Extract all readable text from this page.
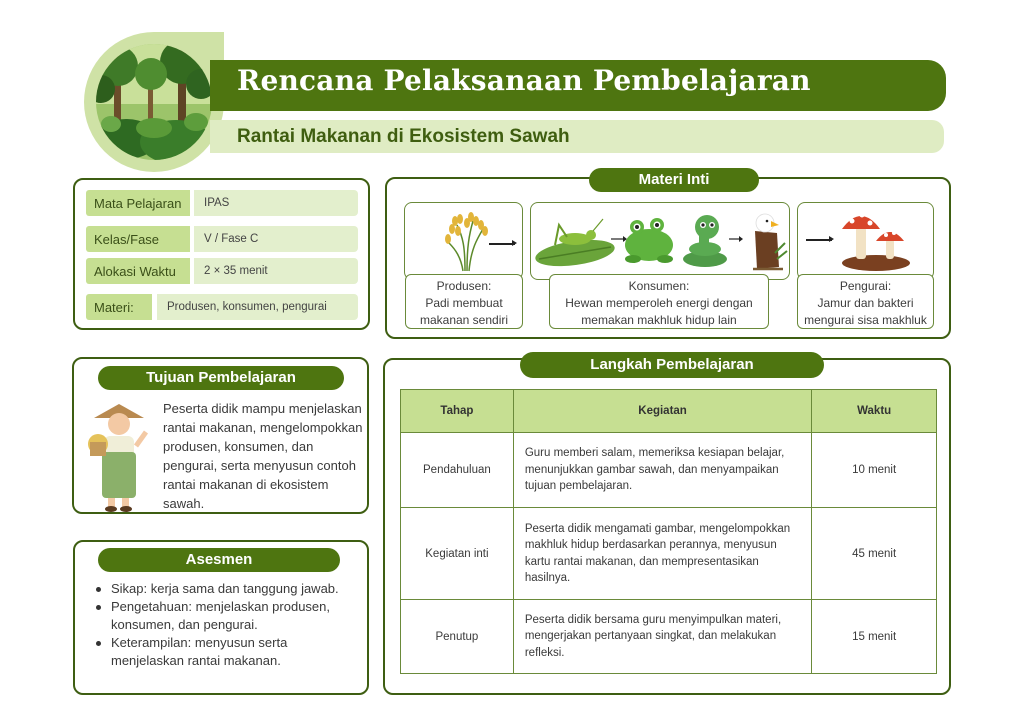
Rencana Pelaksanaan Pembelajaran
Rantai Makanan di Ekosistem Sawah
Mata Pelajaran	IPAS
Kelas/Fase	V / Fase C
Alokasi Waktu	2 × 35 menit
Materi:	Produsen, konsumen, pengurai
Materi Inti
Produsen:
Padi membuat makanan sendiri
Konsumen:
Hewan memperoleh energi dengan memakan makhluk hidup lain
Pengurai:
Jamur dan bakteri mengurai sisa makhluk
Tujuan Pembelajaran
Peserta didik mampu menjelaskan rantai makanan, mengelompokkan produsen, konsumen, dan pengurai, serta menyusun contoh rantai makanan di ekosistem sawah.
Asesmen
Sikap: kerja sama dan tanggung jawab.
Pengetahuan: menjelaskan produsen, konsumen, dan pengurai.
Keterampilan: menyusun serta menjelaskan rantai makanan.
Langkah Pembelajaran
Tahap	Kegiatan	Waktu
Pendahuluan	Guru memberi salam, memeriksa kesiapan belajar, menunjukkan gambar sawah, dan menyampaikan tujuan pembelajaran.	10 menit
Kegiatan inti	Peserta didik mengamati gambar, mengelompokkan makhluk hidup berdasarkan perannya, menyusun kartu rantai makanan, dan mempresentasikan hasilnya.	45 menit
Penutup	Peserta didik bersama guru menyimpulkan materi, mengerjakan pertanyaan singkat, dan melakukan refleksi.	15 menit
